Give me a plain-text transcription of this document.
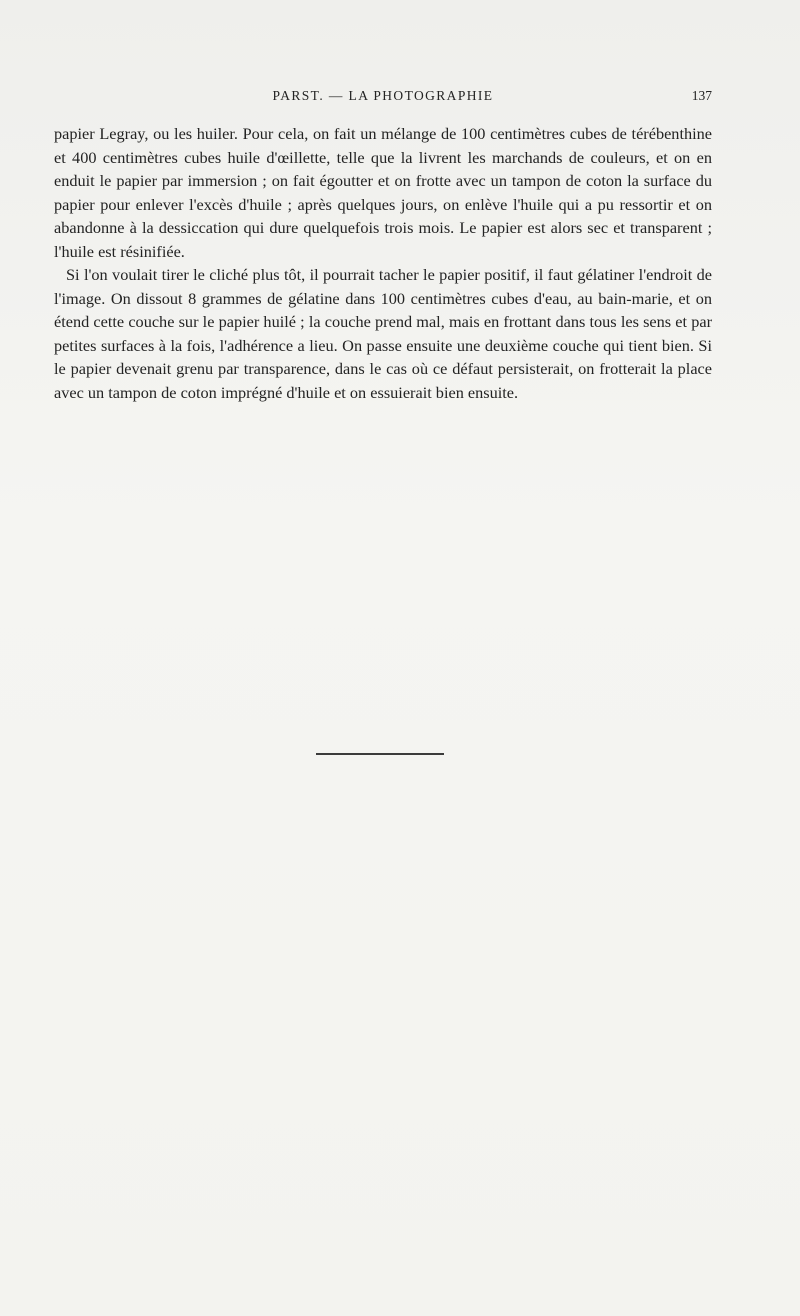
PARST. — LA PHOTOGRAPHIE	137

papier Legray, ou les huiler. Pour cela, on fait un mélange de 100 centimètres cubes de térébenthine et 400 centimètres cubes huile d'œillette, telle que la livrent les marchands de couleurs, et on en enduit le papier par immersion ; on fait égoutter et on frotte avec un tampon de coton la surface du papier pour enlever l'excès d'huile ; après quelques jours, on enlève l'huile qui a pu ressortir et on abandonne à la dessiccation qui dure quelquefois trois mois. Le papier est alors sec et transparent ; l'huile est résinifiée.

Si l'on voulait tirer le cliché plus tôt, il pourrait tacher le papier positif, il faut gélatiner l'endroit de l'image. On dissout 8 grammes de gélatine dans 100 centimètres cubes d'eau, au bain-marie, et on étend cette couche sur le papier huilé ; la couche prend mal, mais en frottant dans tous les sens et par petites surfaces à la fois, l'adhérence a lieu. On passe ensuite une deuxième couche qui tient bien. Si le papier devenait grenu par transparence, dans le cas où ce défaut persisterait, on frotterait la place avec un tampon de coton imprégné d'huile et on essuierait bien ensuite.
